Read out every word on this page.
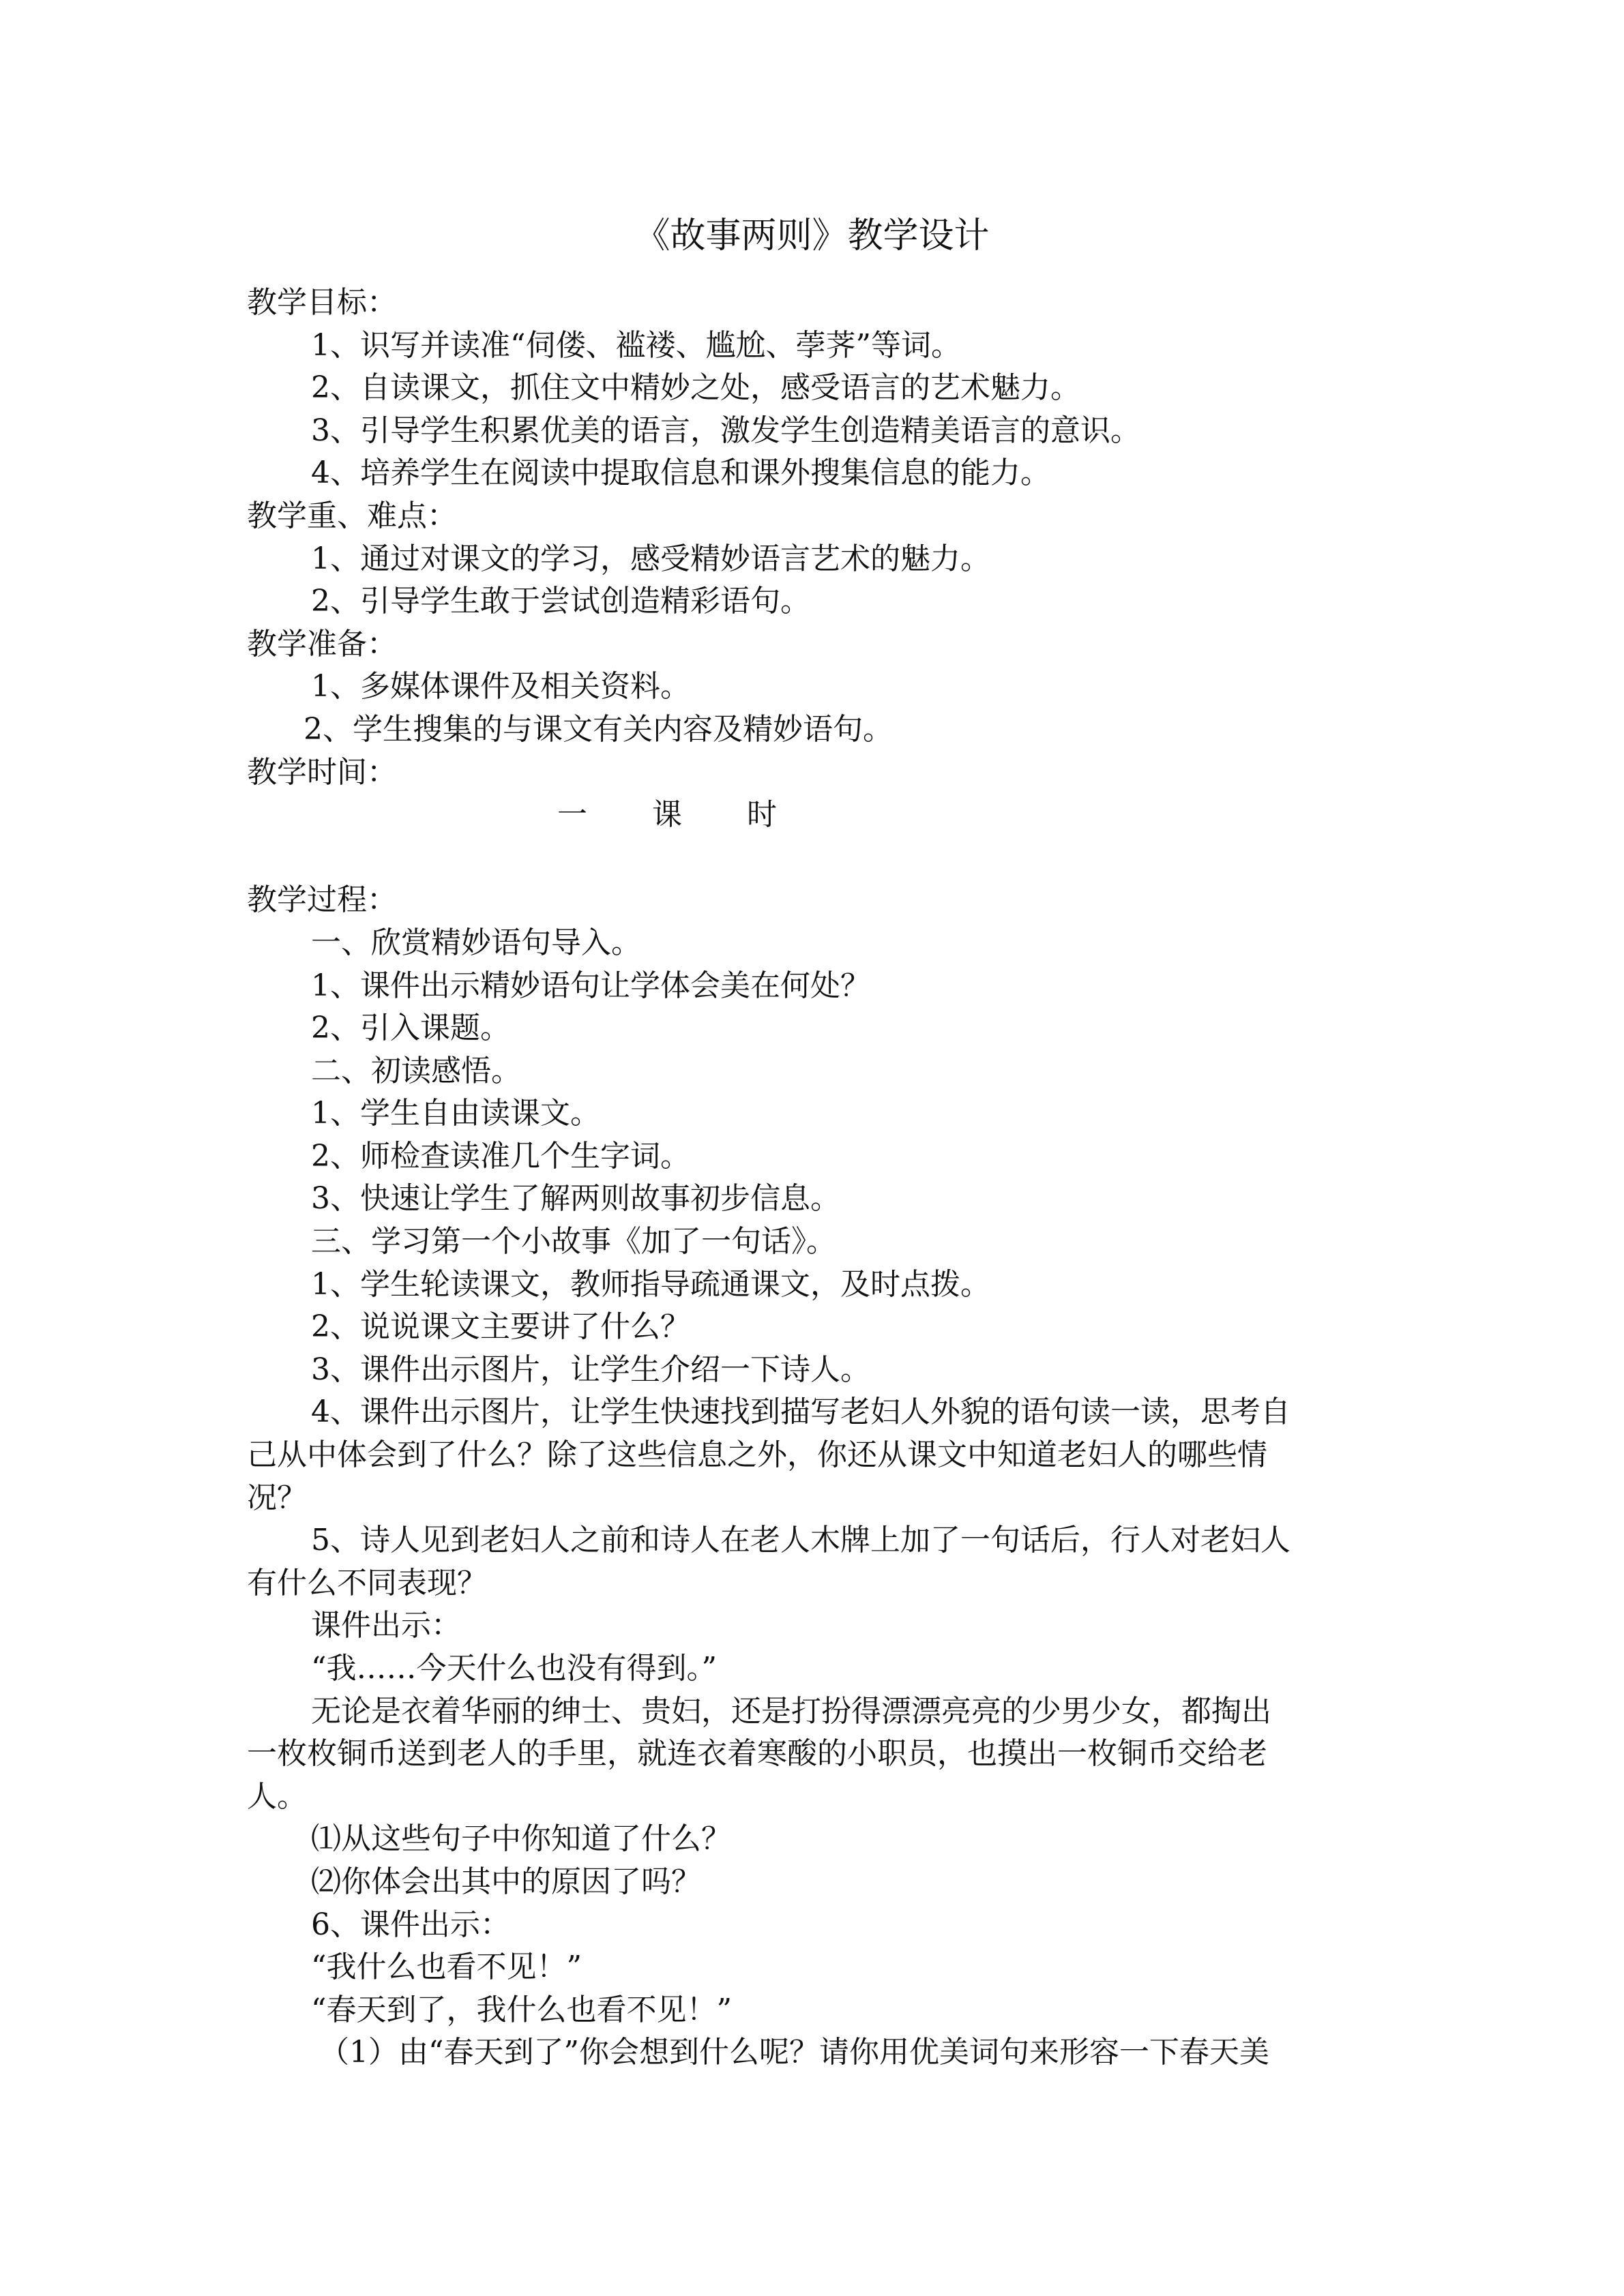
《故事两则》教学设计
教学目标：
1、识写并读准“伺偻、褴褛、尴尬、荸荠”等词。
2、自读课文，抓住文中精妙之处，感受语言的艺术魅力。
3、引导学生积累优美的语言，激发学生创造精美语言的意识。
4、培养学生在阅读中提取信息和课外搜集信息的能力。
教学重、难点：
1、通过对课文的学习，感受精妙语言艺术的魅力。
2、引导学生敢于尝试创造精彩语句。
教学准备：
1、多媒体课件及相关资料。
2、学生搜集的与课文有关内容及精妙语句。
教学时间：
一 课 时
教学过程：
一、欣赏精妙语句导入。
1、课件出示精妙语句让学体会美在何处？
2、引入课题。
二、初读感悟。
1、学生自由读课文。
2、师检查读准几个生字词。
3、快速让学生了解两则故事初步信息。
三、学习第一个小故事《加了一句话》。
1、学生轮读课文，教师指导疏通课文，及时点拨。
2、说说课文主要讲了什么？
3、课件出示图片，让学生介绍一下诗人。
4、课件出示图片，让学生快速找到描写老妇人外貌的语句读一读，思考自
己从中体会到了什么？除了这些信息之外，你还从课文中知道老妇人的哪些情
况？
5、诗人见到老妇人之前和诗人在老人木牌上加了一句话后，行人对老妇人
有什么不同表现？
课件出示：
“我……今天什么也没有得到。”
无论是衣着华丽的绅士、贵妇，还是打扮得漂漂亮亮的少男少女，都掏出
一枚枚铜币送到老人的手里，就连衣着寒酸的小职员，也摸出一枚铜币交给老
人。
⑴从这些句子中你知道了什么？
⑵你体会出其中的原因了吗？
6、课件出示：
“我什么也看不见！”
“春天到了，我什么也看不见！”
（1）由“春天到了”你会想到什么呢？请你用优美词句来形容一下春天美
